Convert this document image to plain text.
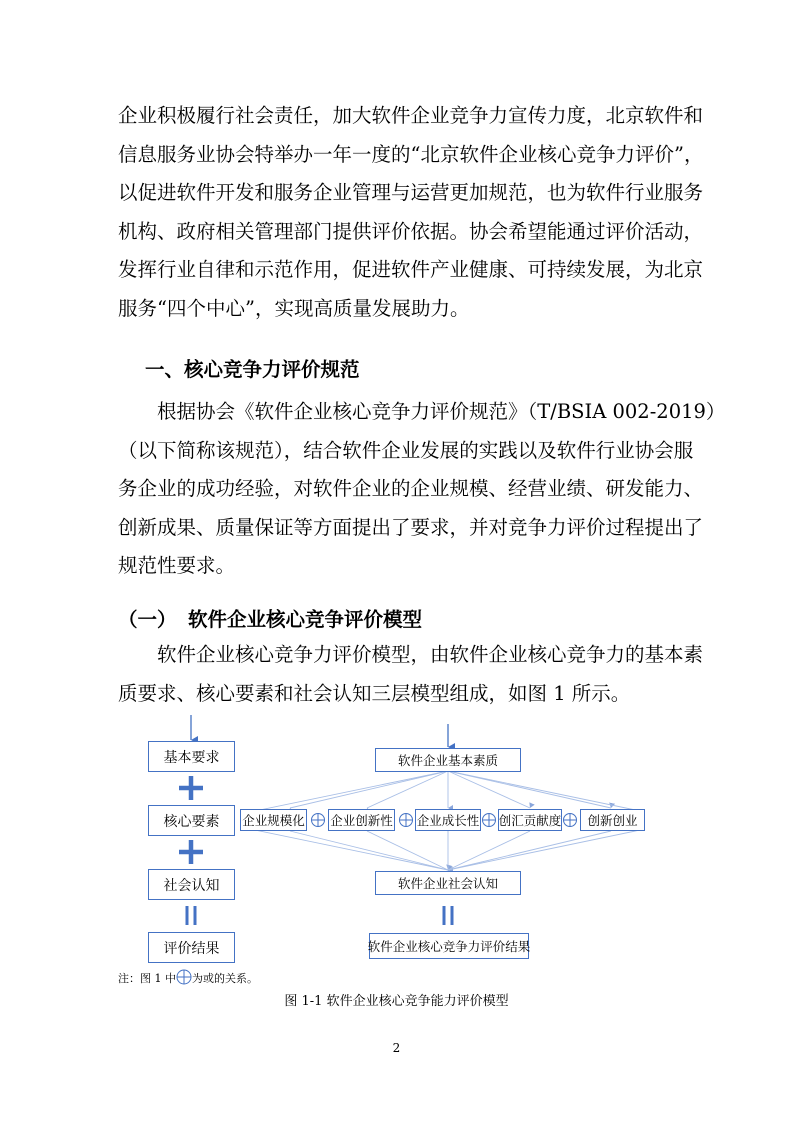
企业积极履行社会责任，加大软件企业竞争力宣传力度，北京软件和
信息服务业协会特举办一年一度的“北京软件企业核心竞争力评价”，
以促进软件开发和服务企业管理与运营更加规范，也为软件行业服务
机构、政府相关管理部门提供评价依据。协会希望能通过评价活动，
发挥行业自律和示范作用，促进软件产业健康、可持续发展，为北京
服务“四个中心”，实现高质量发展助力。
一、核心竞争力评价规范
根据协会《软件企业核心竞争力评价规范》（T/BSIA 002-2019）
（以下简称该规范），结合软件企业发展的实践以及软件行业协会服
务企业的成功经验，对软件企业的企业规模、经营业绩、研发能力、
创新成果、质量保证等方面提出了要求，并对竞争力评价过程提出了
规范性要求。
（一） 软件企业核心竞争评价模型
软件企业核心竞争力评价模型，由软件企业核心竞争力的基本素
质要求、核心要素和社会认知三层模型组成，如图 1 所示。
基本要求
核心要素
社会认知
评价结果
软件企业基本素质
企业规模化 企业创新性 企业成长性 创汇贡献度	创新创业
软件企业社会认知
软件企业核心竞争力评价结果
注：图 1 中 为或的关系。
图 1-1 软件企业核心竞争能力评价模型
2
